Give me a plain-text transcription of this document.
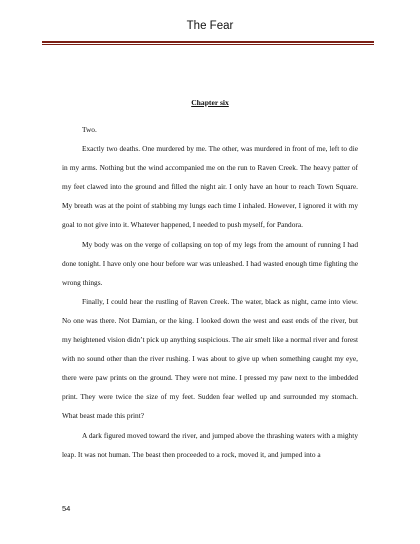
The Fear
Chapter six

Two.

Exactly two deaths. One murdered by me. The other, was murdered in front of me, left to die in my arms. Nothing but the wind accompanied me on the run to Raven Creek. The heavy patter of my feet clawed into the ground and filled the night air. I only have an hour to reach Town Square. My breath was at the point of stabbing my lungs each time I inhaled. However, I ignored it with my goal to not give into it. Whatever happened, I needed to push myself, for Pandora.

My body was on the verge of collapsing on top of my legs from the amount of running I had done tonight. I have only one hour before war was unleashed. I had wasted enough time fighting the wrong things.

Finally, I could hear the rustling of Raven Creek. The water, black as night, came into view. No one was there. Not Damian, or the king. I looked down the west and east ends of the river, but my heightened vision didn’t pick up anything suspicious. The air smelt like a normal river and forest with no sound other than the river rushing. I was about to give up when something caught my eye, there were paw prints on the ground. They were not mine. I pressed my paw next to the imbedded print. They were twice the size of my feet. Sudden fear welled up and surrounded my stomach. What beast made this print?

A dark figured moved toward the river, and jumped above the thrashing waters with a mighty leap. It was not human. The beast then proceeded to a rock, moved it, and jumped into a

54
